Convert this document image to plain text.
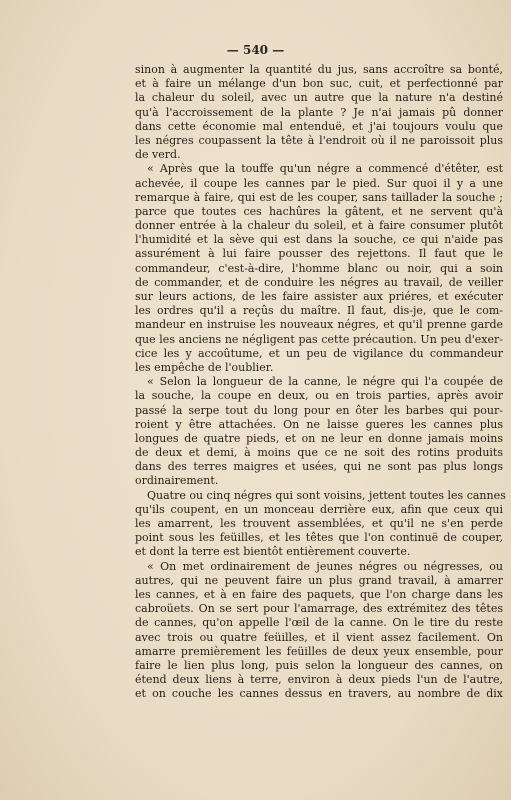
— 540 —
sinon à augmenter la quantité du jus, sans accroître sa bonté,
et à faire un mélange d'un bon suc, cuit, et perfectionné par
la chaleur du soleil, avec un autre que la nature n'a destiné
qu'à l'accroissement de la plante ? Je n'ai jamais pû donner
dans cette économie mal entenduë, et j'ai toujours voulu que
les négres coupassent la tête à l'endroit où il ne paroissoit plus
de verd.
« Après que la touffe qu'un négre a commencé d'étêter, est
achevée, il coupe les cannes par le pied. Sur quoi il y a une
remarque à faire, qui est de les couper, sans taillader la souche ;
parce que toutes ces hachûres la gâtent, et ne servent qu'à
donner entrée à la chaleur du soleil, et à faire consumer plutôt
l'humidité et la sève qui est dans la souche, ce qui n'aide pas
assurément à lui faire pousser des rejettons. Il faut que le
commandeur, c'est-à-dire, l'homme blanc ou noir, qui a soin
de commander, et de conduire les négres au travail, de veiller
sur leurs actions, de les faire assister aux priéres, et exécuter
les ordres qu'il a reçûs du maître. Il faut, dis-je, que le com-
mandeur en instruise les nouveaux négres, et qu'il prenne garde
que les anciens ne négligent pas cette précaution. Un peu d'exer-
cice les y accoûtume, et un peu de vigilance du commandeur
les empêche de l'oublier.
« Selon la longueur de la canne, le négre qui l'a coupée de
la souche, la coupe en deux, ou en trois parties, après avoir
passé la serpe tout du long pour en ôter les barbes qui pour-
roient y être attachées. On ne laisse gueres les cannes plus
longues de quatre pieds, et on ne leur en donne jamais moins
de deux et demi, à moins que ce ne soit des rotins produits
dans des terres maigres et usées, qui ne sont pas plus longs
ordinairement.
Quatre ou cinq négres qui sont voisins, jettent toutes les cannes
qu'ils coupent, en un monceau derrière eux, afin que ceux qui
les amarrent, les trouvent assemblées, et qu'il ne s'en perde
point sous les feüilles, et les têtes que l'on continuë de couper,
et dont la terre est bientôt entièrement couverte.
« On met ordinairement de jeunes négres ou négresses, ou
autres, qui ne peuvent faire un plus grand travail, à amarrer
les cannes, et à en faire des paquets, que l'on charge dans les
cabroüets. On se sert pour l'amarrage, des extrémitez des têtes
de cannes, qu'on appelle l'œil de la canne. On le tire du reste
avec trois ou quatre feüilles, et il vient assez facilement. On
amarre premièrement les feüilles de deux yeux ensemble, pour
faire le lien plus long, puis selon la longueur des cannes, on
étend deux liens à terre, environ à deux pieds l'un de l'autre,
et on couche les cannes dessus en travers, au nombre de dix
